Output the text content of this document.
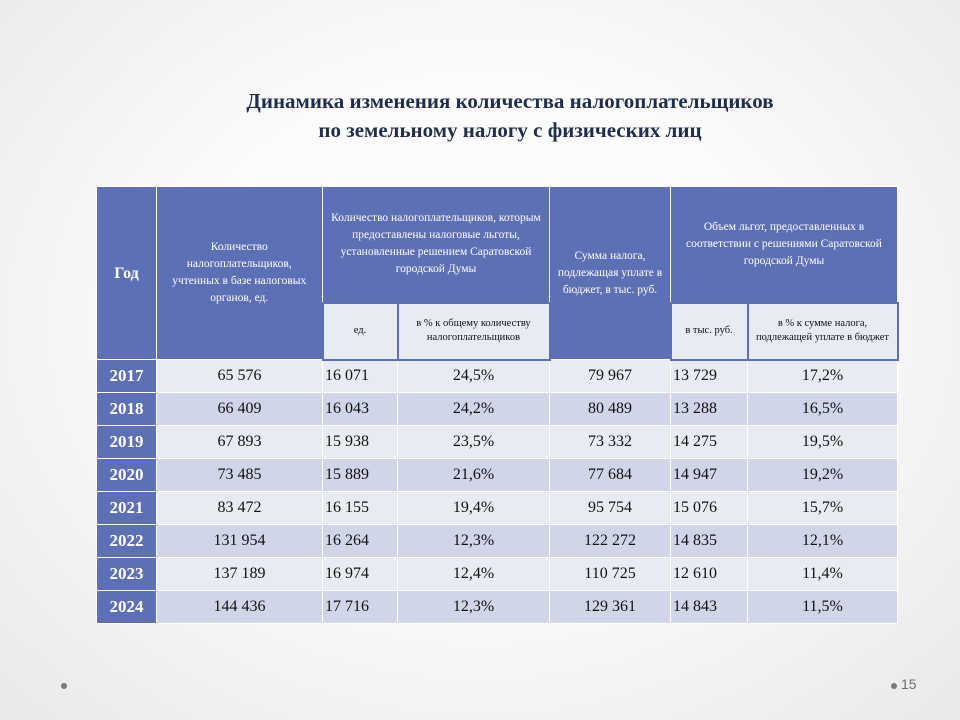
Динамика изменения количества налогоплательщиков
по земельному налогу с физических лиц
Год	Количество налогоплательщиков, учтенных в базе налоговых органов, ед.	Количество налогоплательщиков, которым предоставлены налоговые льготы, установленные решением Саратовской городской Думы		Сумма налога, подлежащая уплате в бюджет, в тыс. руб.	Объем льгот, предоставленных в соответствии с решениями Саратовской городской Думы	
		ед.	в % к общему количеству налогоплательщиков		в тыс. руб.	в % к сумме налога, подлежащей уплате в бюджет
2017	65 576	16 071	24,5%	79 967	13 729	17,2%
2018	66 409	16 043	24,2%	80 489	13 288	16,5%
2019	67 893	15 938	23,5%	73 332	14 275	19,5%
2020	73 485	15 889	21,6%	77 684	14 947	19,2%
2021	83 472	16 155	19,4%	95 754	15 076	15,7%
2022	131 954	16 264	12,3%	122 272	14 835	12,1%
2023	137 189	16 974	12,4%	110 725	12 610	11,4%
2024	144 436	17 716	12,3%	129 361	14 843	11,5%
15
